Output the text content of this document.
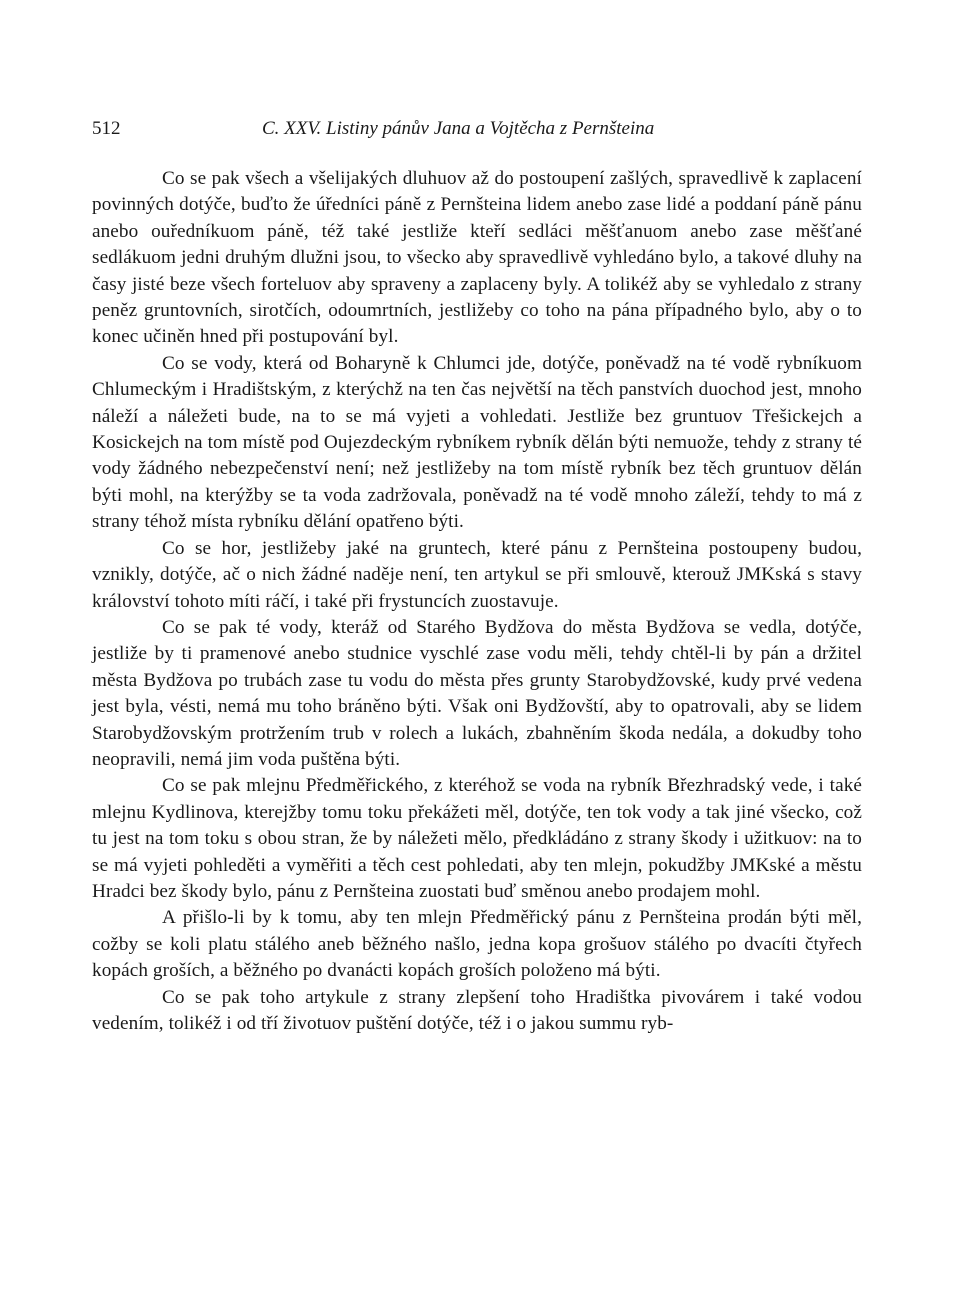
512	C. XXV. Listiny pánův Jana a Vojtěcha z Pernšteina

Co se pak všech a všelijakých dluhuov až do postoupení zašlých, spravedlivě k zaplacení povinných dotýče, buďto že úředníci páně z Pernšteina lidem anebo zase lidé a poddaní páně pánu anebo ouředníkuom páně, též také jestliže kteří sedláci měšťanuom anebo zase měšťané sedlákuom jedni druhým dlužni jsou, to všecko aby spravedlivě vyhledáno bylo, a takové dluhy na časy jisté beze všech forteluov aby spraveny a zaplaceny byly. A tolikéž aby se vyhledalo z strany peněz gruntovních, sirotčích, odoumrtních, jestližeby co toho na pána případného bylo, aby o to konec učiněn hned při postupování byl.

Co se vody, která od Boharyně k Chlumci jde, dotýče, poněvadž na té vodě rybníkuom Chlumeckým i Hradištským, z kterýchž na ten čas největší na těch panstvích duochod jest, mnoho náleží a náležeti bude, na to se má vyjeti a vohledati. Jestliže bez gruntuov Třešickejch a Kosickejch na tom místě pod Oujezdeckým rybníkem rybník dělán býti nemuože, tehdy z strany té vody žádného nebezpečenství není; než jestližeby na tom místě rybník bez těch gruntuov dělán býti mohl, na kterýžby se ta voda zadržovala, poněvadž na té vodě mnoho záleží, tehdy to má z strany téhož místa rybníku dělání opatřeno býti.

Co se hor, jestližeby jaké na gruntech, které pánu z Pernšteina postoupeny budou, vznikly, dotýče, ač o nich žádné naděje není, ten artykul se při smlouvě, kterouž JMKská s stavy království tohoto míti ráčí, i také při frystuncích zuostavuje.

Co se pak té vody, kteráž od Starého Bydžova do města Bydžova se vedla, dotýče, jestliže by ti pramenové anebo studnice vyschlé zase vodu měli, tehdy chtěl-li by pán a držitel města Bydžova po trubách zase tu vodu do města přes grunty Starobydžovské, kudy prvé vedena jest byla, vésti, nemá mu toho bráněno býti. Však oni Bydžovští, aby to opatrovali, aby se lidem Starobydžovským protržením trub v rolech a lukách, zbahněním škoda nedála, a dokudby toho neopravili, nemá jim voda puštěna býti.

Co se pak mlejnu Předměřického, z kteréhož se voda na rybník Březhradský vede, i také mlejnu Kydlinova, kterejžby tomu toku překážeti měl, dotýče, ten tok vody a tak jiné všecko, což tu jest na tom toku s obou stran, že by náležeti mělo, předkládáno z strany škody i užitkuov: na to se má vyjeti pohleděti a vyměřiti a těch cest pohledati, aby ten mlejn, pokudžby JMKské a městu Hradci bez škody bylo, pánu z Pernšteina zuostati buď směnou anebo prodajem mohl.

A přišlo-li by k tomu, aby ten mlejn Předměřický pánu z Pernšteina prodán býti měl, cožby se koli platu stálého aneb běžného našlo, jedna kopa grošuov stálého po dvacíti čtyřech kopách groších, a běžného po dvanácti kopách groších položeno má býti.

Co se pak toho artykule z strany zlepšení toho Hradištka pivovárem i také vodou vedením, tolikéž i od tří životuov puštění dotýče, též i o jakou summu ryb-
